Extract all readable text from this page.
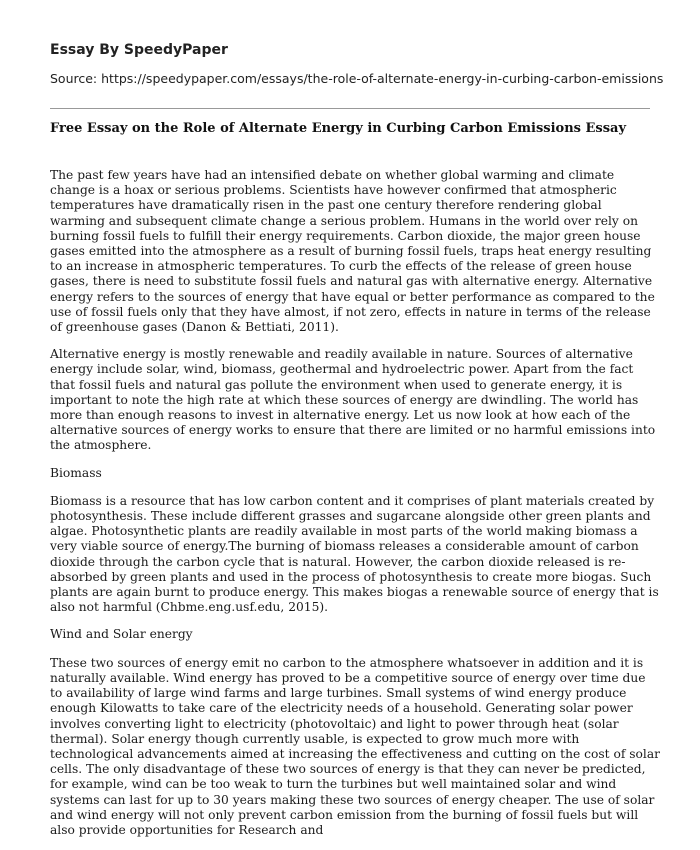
Essay By SpeedyPaper
Source: https://speedypaper.com/essays/the-role-of-alternate-energy-in-curbing-carbon-emissions
Free Essay on the Role of Alternate Energy in Curbing Carbon Emissions Essay

The past few years have had an intensified debate on whether global warming and climate change is a hoax or serious problems. Scientists have however confirmed that atmospheric temperatures have dramatically risen in the past one century therefore rendering global warming and subsequent climate change a serious problem. Humans in the world over rely on burning fossil fuels to fulfill their energy requirements. Carbon dioxide, the major green house gases emitted into the atmosphere as a result of burning fossil fuels, traps heat energy resulting to an increase in atmospheric temperatures. To curb the effects of the release of green house gases, there is need to substitute fossil fuels and natural gas with alternative energy. Alternative energy refers to the sources of energy that have equal or better performance as compared to the use of fossil fuels only that they have almost, if not zero, effects in nature in terms of the release of greenhouse gases (Danon & Bettiati, 2011).

Alternative energy is mostly renewable and readily available in nature. Sources of alternative energy include solar, wind, biomass, geothermal and hydroelectric power. Apart from the fact that fossil fuels and natural gas pollute the environment when used to generate energy, it is important to note the high rate at which these sources of energy are dwindling. The world has more than enough reasons to invest in alternative energy. Let us now look at how each of the alternative sources of energy works to ensure that there are limited or no harmful emissions into the atmosphere.

Biomass

Biomass is a resource that has low carbon content and it comprises of plant materials created by photosynthesis. These include different grasses and sugarcane alongside other green plants and algae. Photosynthetic plants are readily available in most parts of the world making biomass a very viable source of energy.The burning of biomass releases a considerable amount of carbon dioxide through the carbon cycle that is natural. However, the carbon dioxide released is re-absorbed by green plants and used in the process of photosynthesis to create more biogas. Such plants are again burnt to produce energy. This makes biogas a renewable source of energy that is also not harmful (Chbme.eng.usf.edu, 2015).

Wind and Solar energy

These two sources of energy emit no carbon to the atmosphere whatsoever in addition and it is naturally available. Wind energy has proved to be a competitive source of energy over time due to availability of large wind farms and large turbines. Small systems of wind energy produce enough Kilowatts to take care of the electricity needs of a household. Generating solar power involves converting light to electricity (photovoltaic) and light to power through heat (solar thermal). Solar energy though currently usable, is expected to grow much more with technological advancements aimed at increasing the effectiveness and cutting on the cost of solar cells. The only disadvantage of these two sources of energy is that they can never be predicted, for example, wind can be too weak to turn the turbines but well maintained solar and wind systems can last for up to 30 years making these two sources of energy cheaper. The use of solar and wind energy will not only prevent carbon emission from the burning of fossil fuels but will also provide opportunities for Research and
